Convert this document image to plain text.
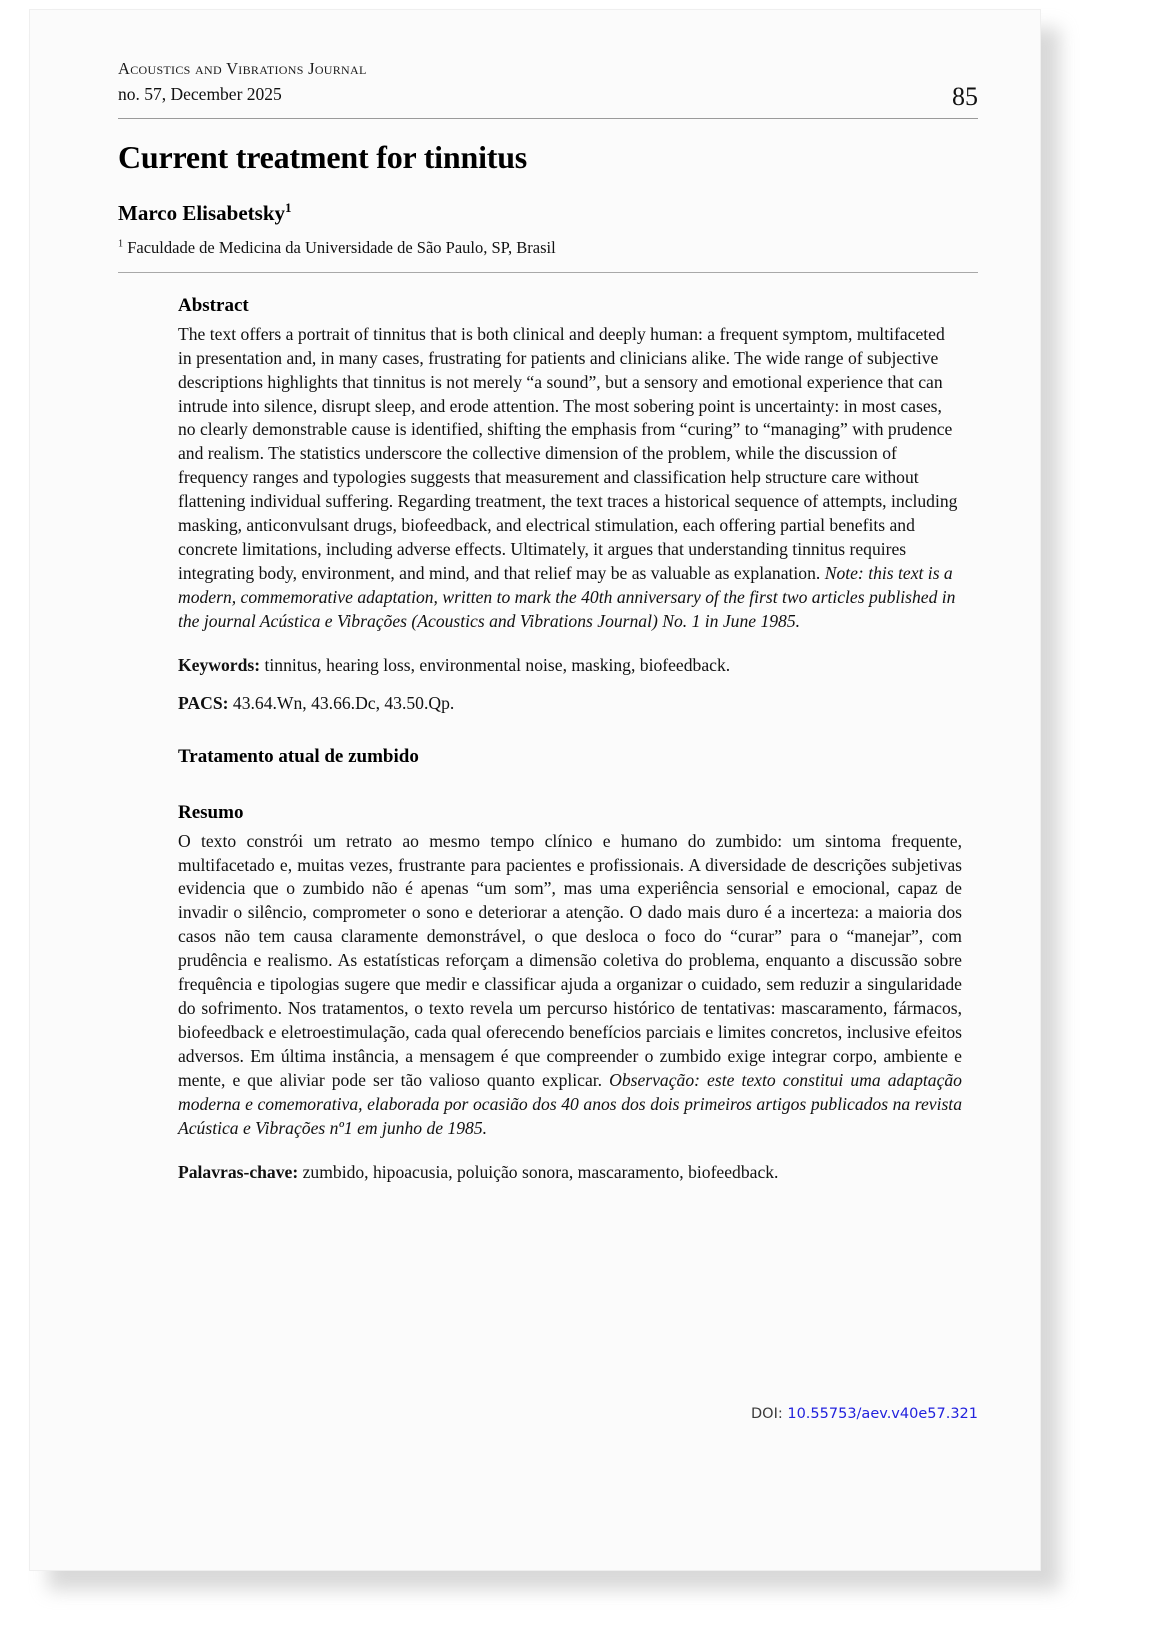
Acoustics and Vibrations Journal
no. 57, December 2025	85
Current treatment for tinnitus
Marco Elisabetsky$^1$
$^1$ Faculdade de Medicina da Universidade de São Paulo, SP, Brasil
Abstract

The text offers a portrait of tinnitus that is both clinical and deeply human: a frequent symptom, multifaceted in presentation and, in many cases, frustrating for patients and clinicians alike. The wide range of subjective descriptions highlights that tinnitus is not merely “a sound”, but a sensory and emotional experience that can intrude into silence, disrupt sleep, and erode attention. The most sobering point is uncertainty: in most cases, no clearly demonstrable cause is identified, shifting the emphasis from “curing” to “managing” with prudence and realism. The statistics underscore the collective dimension of the problem, while the discussion of frequency ranges and typologies suggests that measurement and classification help structure care without flattening individual suffering. Regarding treatment, the text traces a historical sequence of attempts, including masking, anticonvulsant drugs, biofeedback, and electrical stimulation, each offering partial benefits and concrete limitations, including adverse effects. Ultimately, it argues that understanding tinnitus requires integrating body, environment, and mind, and that relief may be as valuable as explanation. Note: this text is a modern, commemorative adaptation, written to mark the 40th anniversary of the first two articles published in the journal Acústica e Vibrações (Acoustics and Vibrations Journal) No. 1 in June 1985.

Keywords: tinnitus, hearing loss, environmental noise, masking, biofeedback.

PACS: 43.64.Wn, 43.66.Dc, 43.50.Qp.

Tratamento atual de zumbido
Resumo

O texto constrói um retrato ao mesmo tempo clínico e humano do zumbido: um sintoma frequente, multifacetado e, muitas vezes, frustrante para pacientes e profissionais. A diversidade de descrições subjetivas evidencia que o zumbido não é apenas “um som”, mas uma experiência sensorial e emocional, capaz de invadir o silêncio, comprometer o sono e deteriorar a atenção. O dado mais duro é a incerteza: a maioria dos casos não tem causa claramente demonstrável, o que desloca o foco do “curar” para o “manejar”, com prudência e realismo. As estatísticas reforçam a dimensão coletiva do problema, enquanto a discussão sobre frequência e tipologias sugere que medir e classificar ajuda a organizar o cuidado, sem reduzir a singularidade do sofrimento. Nos tratamentos, o texto revela um percurso histórico de tentativas: mascaramento, fármacos, biofeedback e eletroestimulação, cada qual oferecendo benefícios parciais e limites concretos, inclusive efeitos adversos. Em última instância, a mensagem é que compreender o zumbido exige integrar corpo, ambiente e mente, e que aliviar pode ser tão valioso quanto explicar. Observação: este texto constitui uma adaptação moderna e comemorativa, elaborada por ocasião dos 40 anos dos dois primeiros artigos publicados na revista Acústica e Vibrações nº1 em junho de 1985.

Palavras-chave: zumbido, hipoacusia, poluição sonora, mascaramento, biofeedback.

DOI: 10.55753/aev.v40e57.321
